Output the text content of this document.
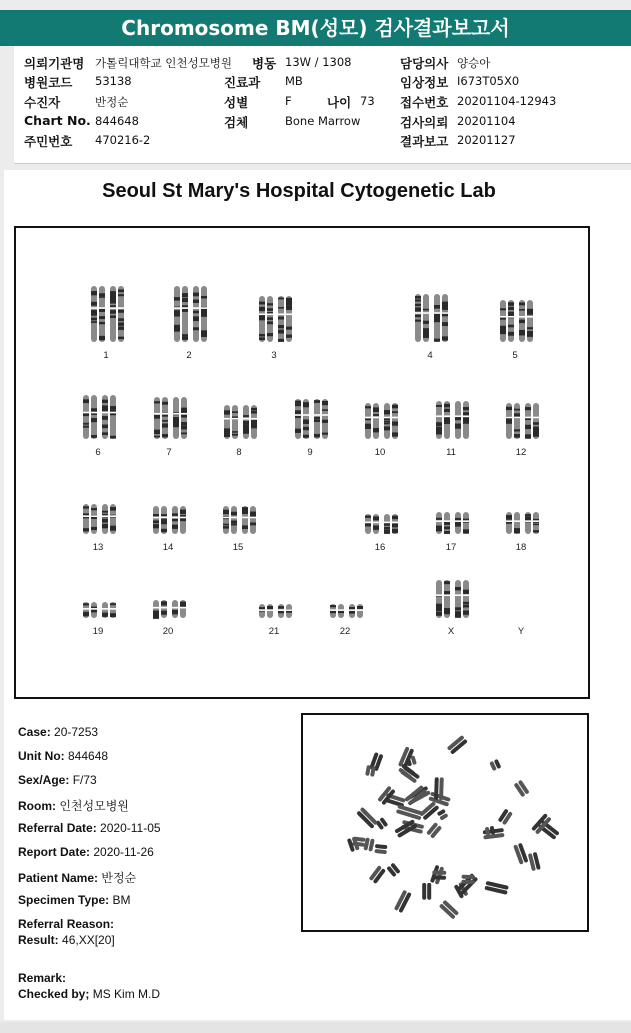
Chromosome BM(성모) 검사결과보고서
의뢰기관명 가톨릭대학교 인천성모병원 병동 13W / 1308	담당의사 양승아
병원코드 53138	진료과 MB	임상정보 I673T05X0
수진자	반정순	성별	F	나이 73 접수번호 20201104-12943
Chart No. 844648	검체	Bone Marrow	검사의뢰 20201104
주민번호 470216-2	결과보고 20201127
Seoul St Mary's Hospital Cytogenetic Lab
1	2	3	4	5
6	7	8	9	10	11	12
13	14	15	16	17	18
19	20	21	22	X	Y
Case: 20-7253
Unit No: 844648
Sex/Age: F/73
Room: 인천성모병원
Referral Date: 2020-11-05
Report Date: 2020-11-26
Patient Name: 반정순
Specimen Type: BM
Referral Reason:
Result: 46,XX[20]
Remark:
Checked by; MS Kim M.D
